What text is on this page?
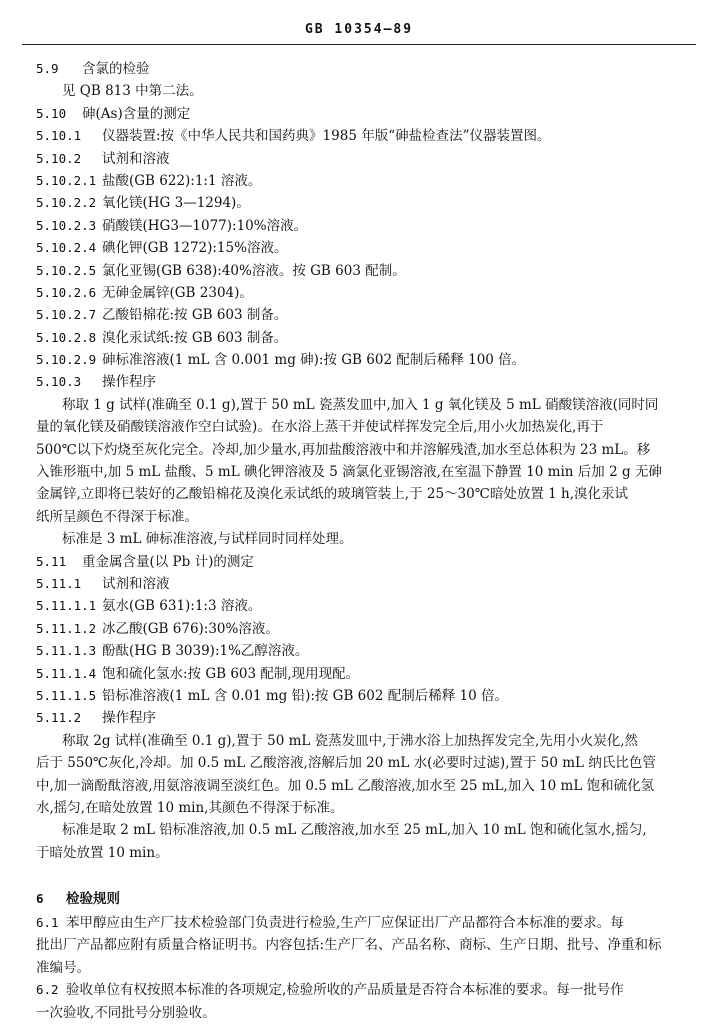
GB 10354—89
5.9 含氯的检验
见 QB 813 中第二法。
5.10 砷(As)含量的测定
5.10.1 仪器装置:按《中华人民共和国药典》1985 年版“砷盐检查法”仪器装置图。
5.10.2 试剂和溶液
5.10.2.1 盐酸(GB 622):1:1 溶液。
5.10.2.2 氧化镁(HG 3—1294)。
5.10.2.3 硝酸镁(HG3—1077):10%溶液。
5.10.2.4 碘化钾(GB 1272):15%溶液。
5.10.2.5 氯化亚锡(GB 638):40%溶液。按 GB 603 配制。
5.10.2.6 无砷金属锌(GB 2304)。
5.10.2.7 乙酸铅棉花:按 GB 603 制备。
5.10.2.8 溴化汞试纸:按 GB 603 制备。
5.10.2.9 砷标准溶液(1 mL 含 0.001 mg 砷):按 GB 602 配制后稀释 100 倍。
5.10.3 操作程序
称取 1 g 试样(准确至 0.1 g),置于 50 mL 瓷蒸发皿中,加入 1 g 氧化镁及 5 mL 硝酸镁溶液(同时同
量的氧化镁及硝酸镁溶液作空白试验)。在水浴上蒸干并使试样挥发完全后,用小火加热炭化,再于
500℃以下灼烧至灰化完全。冷却,加少量水,再加盐酸溶液中和并溶解残渣,加水至总体积为 23 mL。移
入锥形瓶中,加 5 mL 盐酸、5 mL 碘化钾溶液及 5 滴氯化亚锡溶液,在室温下静置 10 min 后加 2 g 无砷
金属锌,立即将已装好的乙酸铅棉花及溴化汞试纸的玻璃管装上,于 25～30℃暗处放置 1 h,溴化汞试
纸所呈颜色不得深于标准。
标准是 3 mL 砷标准溶液,与试样同时同样处理。
5.11 重金属含量(以 Pb 计)的测定
5.11.1 试剂和溶液
5.11.1.1 氨水(GB 631):1:3 溶液。
5.11.1.2 冰乙酸(GB 676):30%溶液。
5.11.1.3 酚酞(HG B 3039):1%乙醇溶液。
5.11.1.4 饱和硫化氢水:按 GB 603 配制,现用现配。
5.11.1.5 铅标准溶液(1 mL 含 0.01 mg 铅):按 GB 602 配制后稀释 10 倍。
5.11.2 操作程序
称取 2g 试样(准确至 0.1 g),置于 50 mL 瓷蒸发皿中,于沸水浴上加热挥发完全,先用小火炭化,然
后于 550℃灰化,冷却。加 0.5 mL 乙酸溶液,溶解后加 20 mL 水(必要时过滤),置于 50 mL 纳氏比色管
中,加一滴酚酞溶液,用氨溶液调至淡红色。加 0.5 mL 乙酸溶液,加水至 25 mL,加入 10 mL 饱和硫化氢
水,摇匀,在暗处放置 10 min,其颜色不得深于标准。
标准是取 2 mL 铅标准溶液,加 0.5 mL 乙酸溶液,加水至 25 mL,加入 10 mL 饱和硫化氢水,摇匀,
于暗处放置 10 min。
6 检验规则
6.1 苯甲醇应由生产厂技术检验部门负责进行检验,生产厂应保证出厂产品都符合本标准的要求。每
批出厂产品都应附有质量合格证明书。内容包括:生产厂名、产品名称、商标、生产日期、批号、净重和标
准编号。
6.2 验收单位有权按照本标准的各项规定,检验所收的产品质量是否符合本标准的要求。每一批号作
一次验收,不同批号分别验收。
